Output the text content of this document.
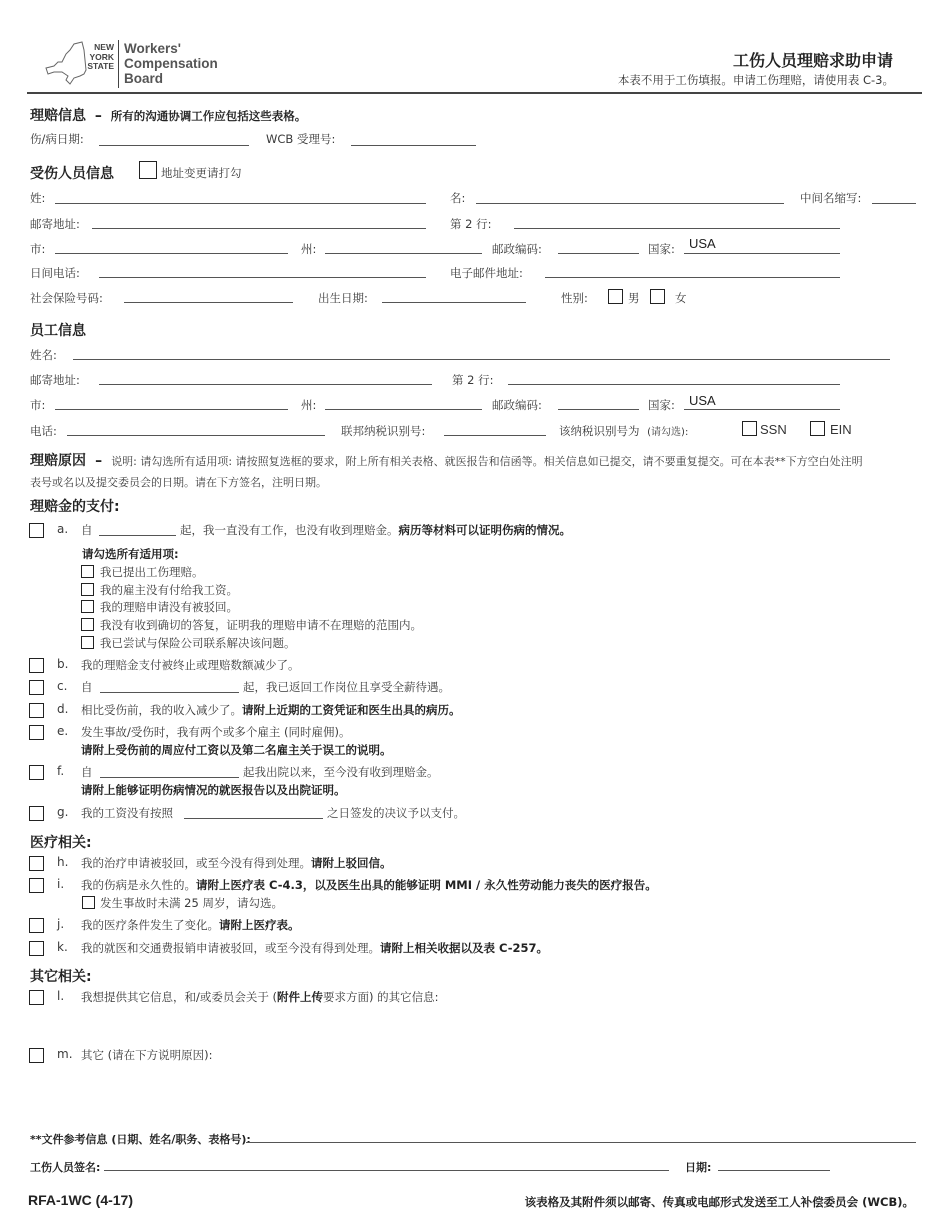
NEW
YORK
STATE
Workers'
Compensation
Board
工伤人员理赔求助申请
本表不用于工伤填报。申请工伤理赔，请使用表 C-3。
理赔信息 – 所有的沟通协调工作应包括这些表格。
伤/病日期:	WCB 受理号:
受伤人员信息	地址变更请打勾
姓:	名:	中间名缩写:
邮寄地址:	第 2 行:
市:	州:	邮政编码:	国家: USA
日间电话:	电子邮件地址:
社会保险号码:	出生日期:	性别:	男	女
员工信息
姓名:
邮寄地址:	第 2 行:
市:	州:	邮政编码:	国家: USA
电话:	联邦纳税识别号:	该纳税识别号为 (请勾选):	SSN	EIN
理赔原因 – 说明: 请勾选所有适用项: 请按照复选框的要求，附上所有相关表格、就医报告和信函等。相关信息如已提交，请不要重复提交。可在本表**下方空白处注明
表号或名以及提交委员会的日期。请在下方签名，注明日期。
理赔金的支付:
a. 自	起，我一直没有工作，也没有收到理赔金。病历等材料可以证明伤病的情况。
请勾选所有适用项:
我已提出工伤理赔。
我的雇主没有付给我工资。
我的理赔申请没有被驳回。
我没有收到确切的答复，证明我的理赔申请不在理赔的范围内。
我已尝试与保险公司联系解决该问题。
b. 我的理赔金支付被终止或理赔数额减少了。
c. 自	起，我已返回工作岗位且享受全薪待遇。
d. 相比受伤前，我的收入减少了。请附上近期的工资凭证和医生出具的病历。
e. 发生事故/受伤时，我有两个或多个雇主 (同时雇佣)。
请附上受伤前的周应付工资以及第二名雇主关于误工的说明。
f. 自	起我出院以来，至今没有收到理赔金。
请附上能够证明伤病情况的就医报告以及出院证明。
g. 我的工资没有按照	之日签发的决议予以支付。
医疗相关:
h. 我的治疗申请被驳回，或至今没有得到处理。请附上驳回信。
i. 我的伤病是永久性的。请附上医疗表 C-4.3，以及医生出具的能够证明 MMI / 永久性劳动能力丧失的医疗报告。
发生事故时未满 25 周岁，请勾选。
j. 我的医疗条件发生了变化。请附上医疗表。
k. 我的就医和交通费报销申请被驳回，或至今没有得到处理。请附上相关收据以及表 C-257。
其它相关:
l. 我想提供其它信息，和/或委员会关于 (附件上传要求方面) 的其它信息:
m. 其它 (请在下方说明原因):
**文件参考信息 (日期、姓名/职务、表格号):
工伤人员签名:	日期:
RFA-1WC (4-17)	该表格及其附件须以邮寄、传真或电邮形式发送至工人补偿委员会 (WCB)。
